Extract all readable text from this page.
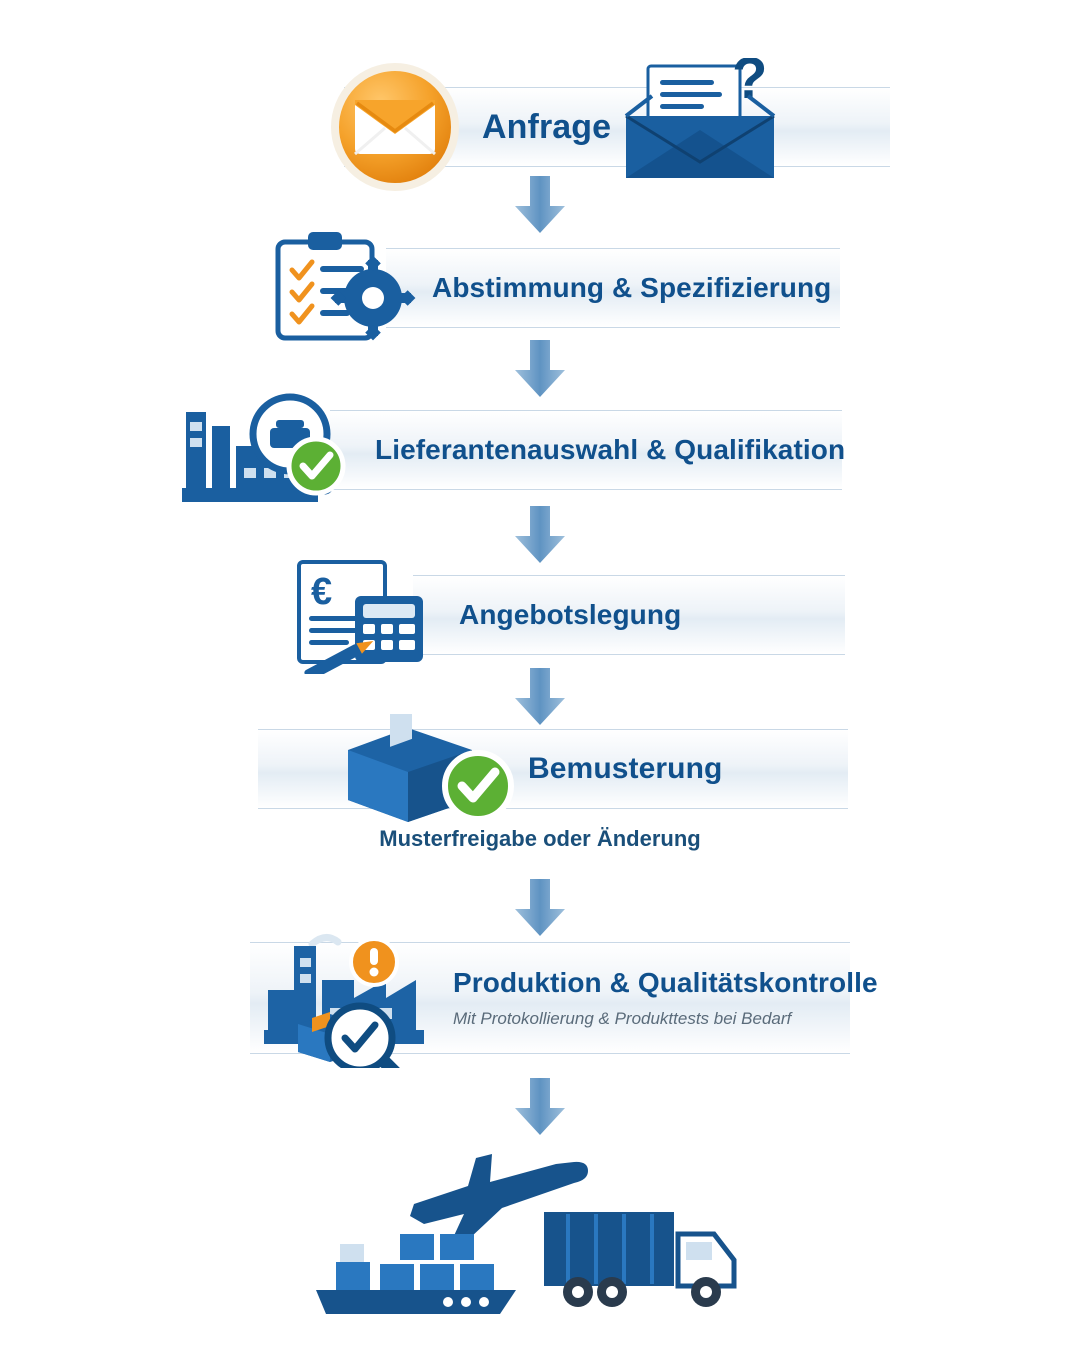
Anfrage
?
Abstimmung & Spezifizierung
Lieferantenauswahl & Qualifikation
€
Angebotslegung
Bemusterung
Musterfreigabe oder Änderung
Produktion & Qualitätskontrolle
Mit Protokollierung & Produkttests bei Bedarf
